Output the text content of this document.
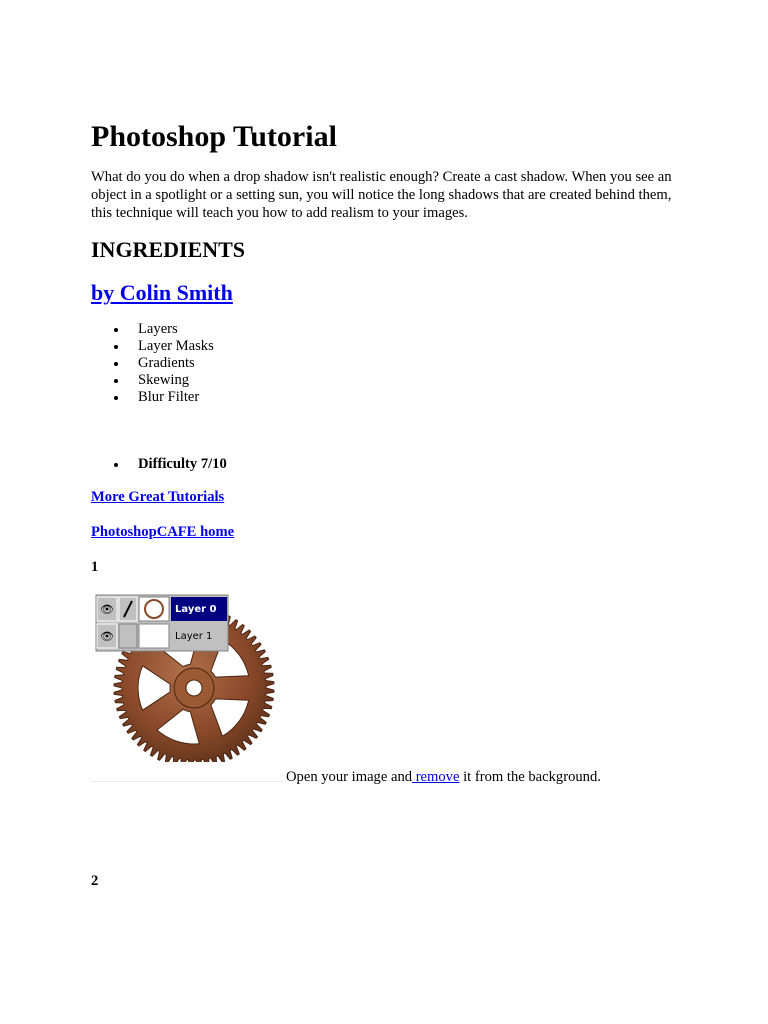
Photoshop Tutorial

What do you do when a drop shadow isn't realistic enough? Create a cast shadow. When you see an object in a spotlight or a setting sun, you will notice the long shadows that are created behind them, this technique will teach you how to add realism to your images.

INGREDIENTS
by Colin Smith
Layers
Layer Masks
Gradients
Skewing
Blur Filter
Difficulty 7/10
More Great Tutorials
PhotoshopCAFE home
1
👁	Layer 0
👁	Layer 1
Open your image and remove it from the background.
2
